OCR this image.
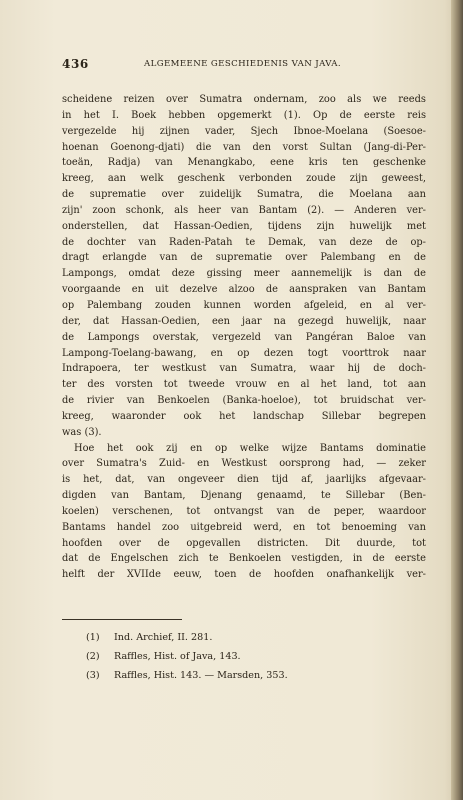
436	ALGEMEENE GESCHIEDENIS VAN JAVA.
scheidene reizen over Sumatra ondernam, zoo als we reeds
in het I. Boek hebben opgemerkt (1). Op de eerste reis
vergezelde hij zijnen vader, Sjech Ibnoe-Moelana (Soesoe-
hoenan Goenong-djati) die van den vorst Sultan (Jang-di-Per-
toeän, Radja) van Menangkabo, eene kris ten geschenke
kreeg, aan welk geschenk verbonden zoude zijn geweest,
de suprematie over zuidelijk Sumatra, die Moelana aan
zijn' zoon schonk, als heer van Bantam (2). — Anderen ver-
onderstellen, dat Hassan-Oedien, tijdens zijn huwelijk met
de dochter van Raden-Patah te Demak, van deze de op-
dragt erlangde van de suprematie over Palembang en de
Lampongs, omdat deze gissing meer aannemelijk is dan de
voorgaande en uit dezelve alzoo de aanspraken van Bantam
op Palembang zouden kunnen worden afgeleid, en al ver-
der, dat Hassan-Oedien, een jaar na gezegd huwelijk, naar
de Lampongs overstak, vergezeld van Pangéran Baloe van
Lampong-Toelang-bawang, en op dezen togt voorttrok naar
Indrapoera, ter westkust van Sumatra, waar hij de doch-
ter des vorsten tot tweede vrouw en al het land, tot aan
de rivier van Benkoelen (Banka-hoeloe), tot bruidschat ver-
kreeg, waaronder ook het landschap Sillebar begrepen
was (3).
Hoe het ook zij en op welke wijze Bantams dominatie
over Sumatra's Zuid- en Westkust oorsprong had, — zeker
is het, dat, van ongeveer dien tijd af, jaarlijks afgevaar-
digden van Bantam, Djenang genaamd, te Sillebar (Ben-
koelen) verschenen, tot ontvangst van de peper, waardoor
Bantams handel zoo uitgebreid werd, en tot benoeming van
hoofden over de opgevallen districten. Dit duurde, tot
dat de Engelschen zich te Benkoelen vestigden, in de eerste
helft der XVIIde eeuw, toen de hoofden onafhankelijk ver-
(1) Ind. Archief, II. 281.
(2) Raffles, Hist. of Java, 143.
(3) Raffles, Hist. 143. — Marsden, 353.
